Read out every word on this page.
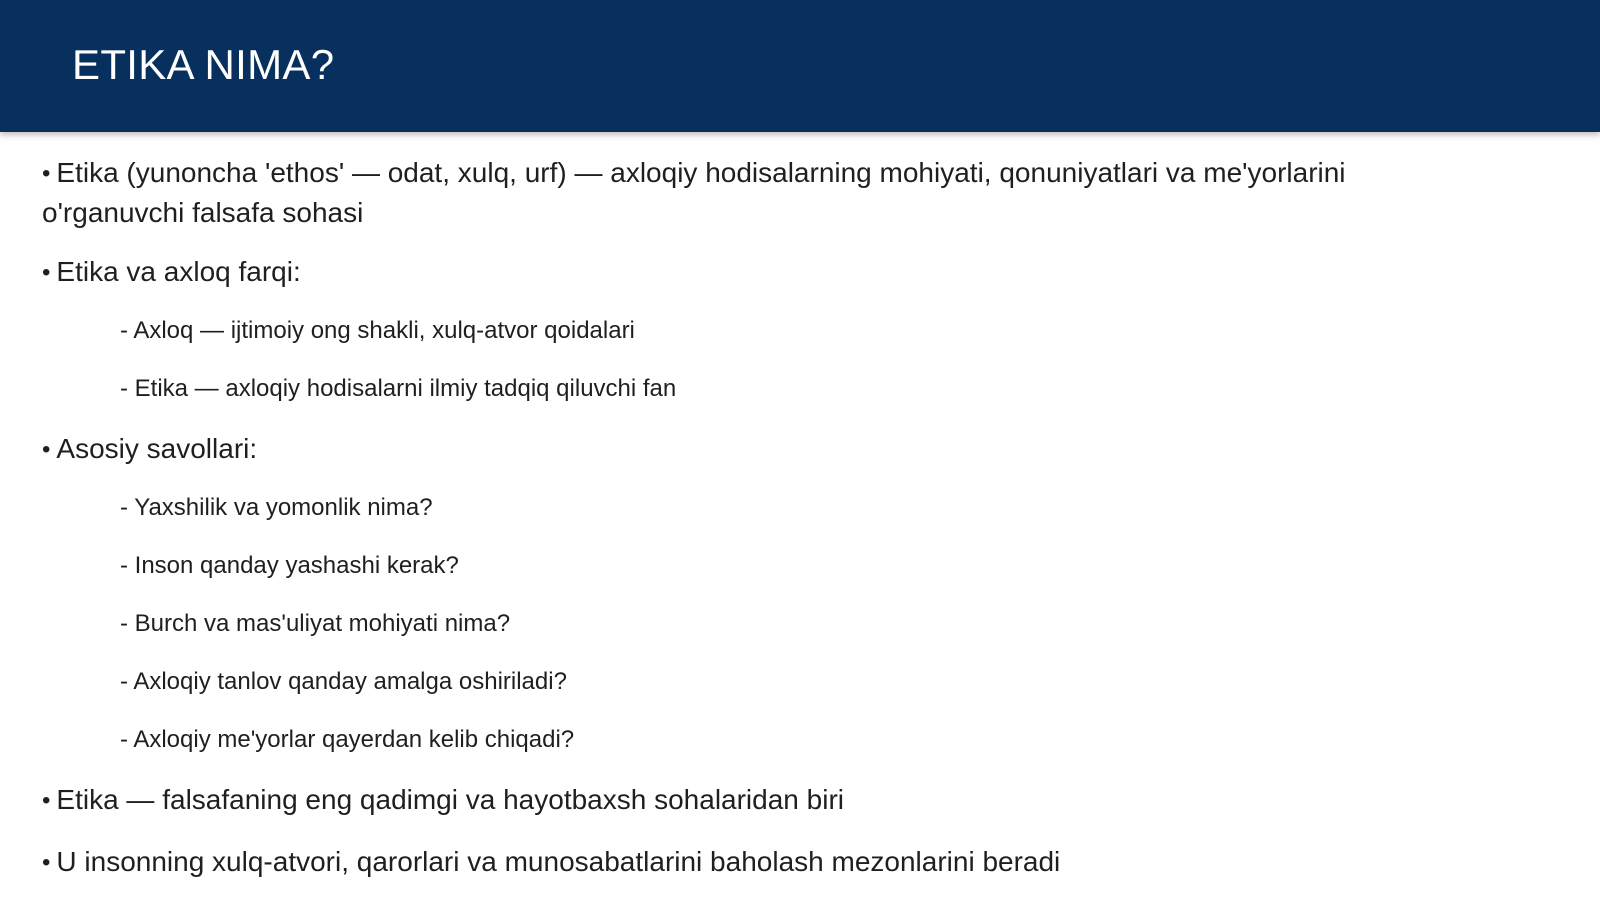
ETIKA NIMA?
• Etika (yunoncha 'ethos' — odat, xulq, urf) — axloqiy hodisalarning mohiyati, qonuniyatlari va me'yorlarini o'rganuvchi falsafa sohasi
• Etika va axloq farqi:
- Axloq — ijtimoiy ong shakli, xulq-atvor qoidalari
- Etika — axloqiy hodisalarni ilmiy tadqiq qiluvchi fan
• Asosiy savollari:
- Yaxshilik va yomonlik nima?
- Inson qanday yashashi kerak?
- Burch va mas'uliyat mohiyati nima?
- Axloqiy tanlov qanday amalga oshiriladi?
- Axloqiy me'yorlar qayerdan kelib chiqadi?
• Etika — falsafaning eng qadimgi va hayotbaxsh sohalaridan biri
• U insonning xulq-atvori, qarorlari va munosabatlarini baholash mezonlarini beradi
